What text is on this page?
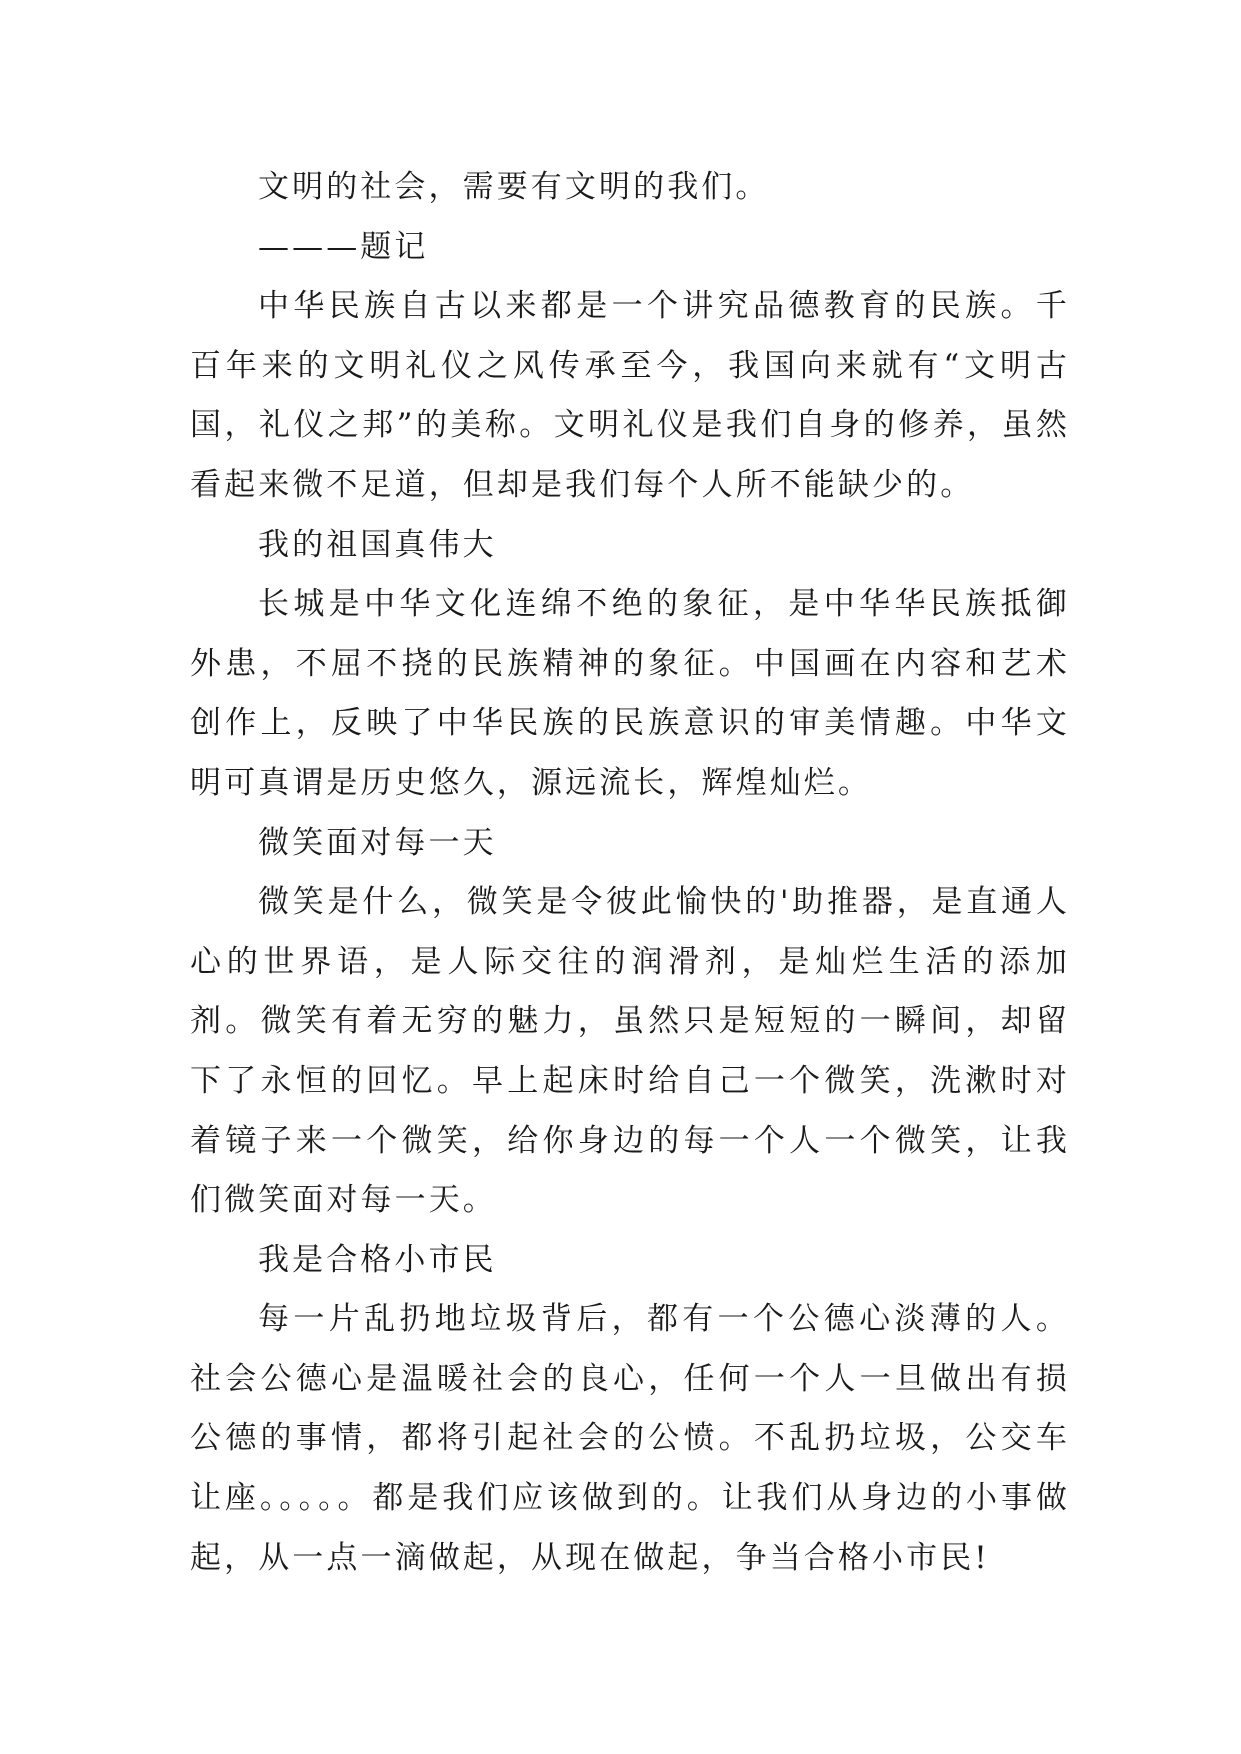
文明的社会，需要有文明的我们。

———题记

中华民族自古以来都是一个讲究品德教育的民族。千百年来的文明礼仪之风传承至今，我国向来就有“文明古国，礼仪之邦”的美称。文明礼仪是我们自身的修养，虽然看起来微不足道，但却是我们每个人所不能缺少的。

我的祖国真伟大

长城是中华文化连绵不绝的象征，是中华华民族抵御外患，不屈不挠的民族精神的象征。中国画在内容和艺术创作上，反映了中华民族的民族意识的审美情趣。中华文明可真谓是历史悠久，源远流长，辉煌灿烂。

微笑面对每一天

微笑是什么，微笑是令彼此愉快的'助推器，是直通人心的世界语，是人际交往的润滑剂，是灿烂生活的添加剂。微笑有着无穷的魅力，虽然只是短短的一瞬间，却留下了永恒的回忆。早上起床时给自己一个微笑，洗漱时对着镜子来一个微笑，给你身边的每一个人一个微笑，让我们微笑面对每一天。

我是合格小市民

每一片乱扔地垃圾背后，都有一个公德心淡薄的人。社会公德心是温暖社会的良心，任何一个人一旦做出有损公德的事情，都将引起社会的公愤。不乱扔垃圾，公交车让座。。。。。都是我们应该做到的。让我们从身边的小事做起，从一点一滴做起，从现在做起，争当合格小市民!
